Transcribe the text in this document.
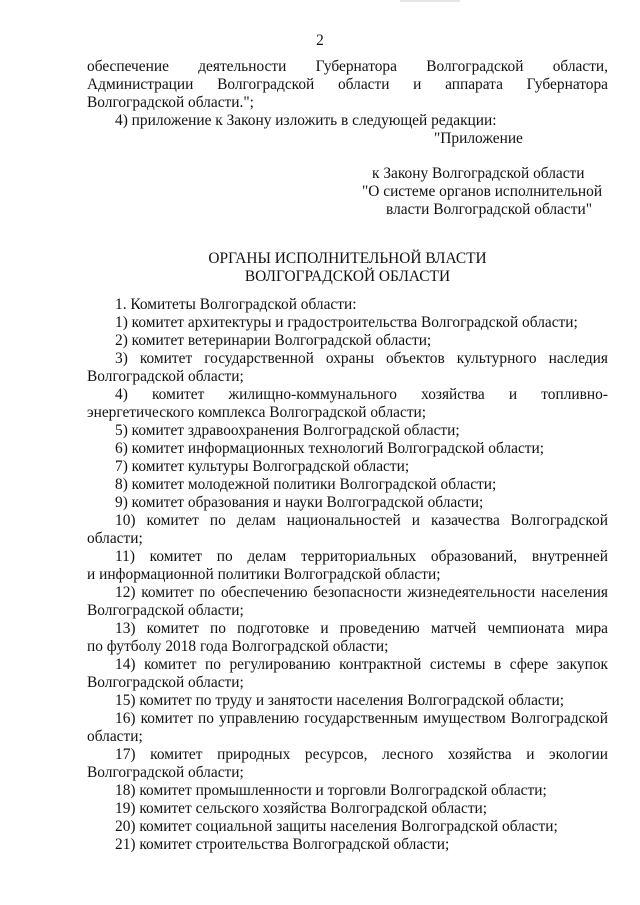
2

обеспечение деятельности Губернатора Волгоградской области, Администрации Волгоградской области и аппарата Губернатора Волгоградской области.";

4) приложение к Закону изложить в следующей редакции:

"Приложение
к Закону Волгоградской области
"О системе органов исполнительной
власти Волгоградской области"
ОРГАНЫ ИСПОЛНИТЕЛЬНОЙ ВЛАСТИ
ВОЛГОГРАДСКОЙ ОБЛАСТИ

1. Комитеты Волгоградской области:

1) комитет архитектуры и градостроительства Волгоградской области;
2) комитет ветеринарии Волгоградской области;
3) комитет государственной охраны объектов культурного наследия
Волгоградской области;
4) комитет жилищно-коммунального хозяйства и топливно-
энергетического комплекса Волгоградской области;
5) комитет здравоохранения Волгоградской области;
6) комитет информационных технологий Волгоградской области;
7) комитет культуры Волгоградской области;
8) комитет молодежной политики Волгоградской области;
9) комитет образования и науки Волгоградской области;
10) комитет по делам национальностей и казачества Волгоградской
области;
11) комитет по делам территориальных образований, внутренней
и информационной политики Волгоградской области;
12) комитет по обеспечению безопасности жизнедеятельности населения
Волгоградской области;
13) комитет по подготовке и проведению матчей чемпионата мира
по футболу 2018 года Волгоградской области;
14) комитет по регулированию контрактной системы в сфере закупок
Волгоградской области;
15) комитет по труду и занятости населения Волгоградской области;
16) комитет по управлению государственным имуществом Волгоградской
области;
17) комитет природных ресурсов, лесного хозяйства и экологии
Волгоградской области;
18) комитет промышленности и торговли Волгоградской области;
19) комитет сельского хозяйства Волгоградской области;
20) комитет социальной защиты населения Волгоградской области;
21) комитет строительства Волгоградской области;
